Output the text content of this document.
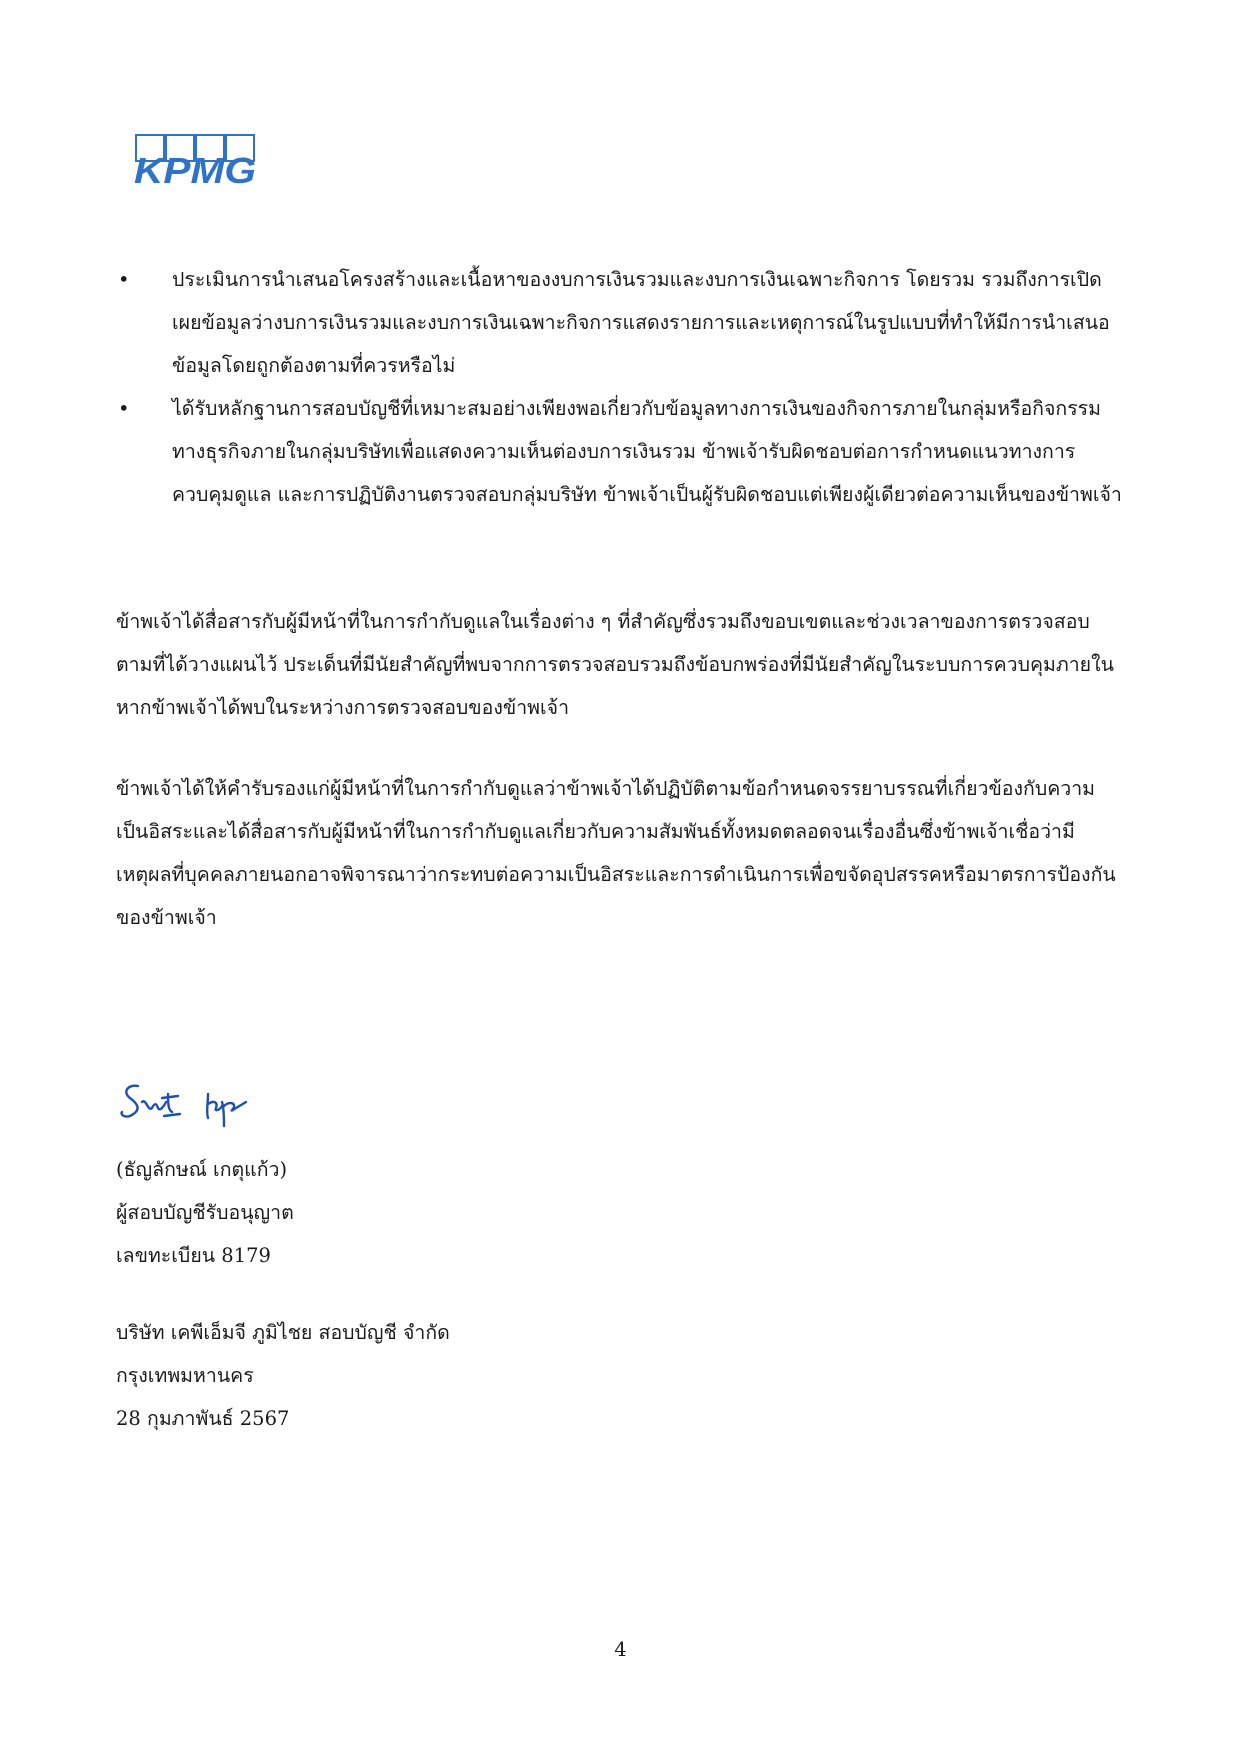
KPMG
• ประเมินการนำเสนอโครงสร้างและเนื้อหาของงบการเงินรวมและงบการเงินเฉพาะกิจการ โดยรวม รวมถึงการเปิดเผยข้อมูลว่างบการเงินรวมและงบการเงินเฉพาะกิจการแสดงรายการและเหตุการณ์ในรูปแบบที่ทำให้มีการนำเสนอข้อมูลโดยถูกต้องตามที่ควรหรือไม่
• ได้รับหลักฐานการสอบบัญชีที่เหมาะสมอย่างเพียงพอเกี่ยวกับข้อมูลทางการเงินของกิจการภายในกลุ่มหรือกิจกรรมทางธุรกิจภายในกลุ่มบริษัทเพื่อแสดงความเห็นต่องบการเงินรวม ข้าพเจ้ารับผิดชอบต่อการกำหนดแนวทางการควบคุมดูแล และการปฏิบัติงานตรวจสอบกลุ่มบริษัท ข้าพเจ้าเป็นผู้รับผิดชอบแต่เพียงผู้เดียวต่อความเห็นของข้าพเจ้า

ข้าพเจ้าได้สื่อสารกับผู้มีหน้าที่ในการกำกับดูแลในเรื่องต่าง ๆ ที่สำคัญซึ่งรวมถึงขอบเขตและช่วงเวลาของการตรวจสอบตามที่ได้วางแผนไว้ ประเด็นที่มีนัยสำคัญที่พบจากการตรวจสอบรวมถึงข้อบกพร่องที่มีนัยสำคัญในระบบการควบคุมภายในหากข้าพเจ้าได้พบในระหว่างการตรวจสอบของข้าพเจ้า

ข้าพเจ้าได้ให้คำรับรองแก่ผู้มีหน้าที่ในการกำกับดูแลว่าข้าพเจ้าได้ปฏิบัติตามข้อกำหนดจรรยาบรรณที่เกี่ยวข้องกับความเป็นอิสระและได้สื่อสารกับผู้มีหน้าที่ในการกำกับดูแลเกี่ยวกับความสัมพันธ์ทั้งหมดตลอดจนเรื่องอื่นซึ่งข้าพเจ้าเชื่อว่ามีเหตุผลที่บุคคลภายนอกอาจพิจารณาว่ากระทบต่อความเป็นอิสระและการดำเนินการเพื่อขจัดอุปสรรคหรือมาตรการป้องกันของข้าพเจ้า

(ธัญลักษณ์ เกตุแก้ว)
ผู้สอบบัญชีรับอนุญาต
เลขทะเบียน 8179
บริษัท เคพีเอ็มจี ภูมิไชย สอบบัญชี จำกัด
กรุงเทพมหานคร
28 กุมภาพันธ์ 2567
4
